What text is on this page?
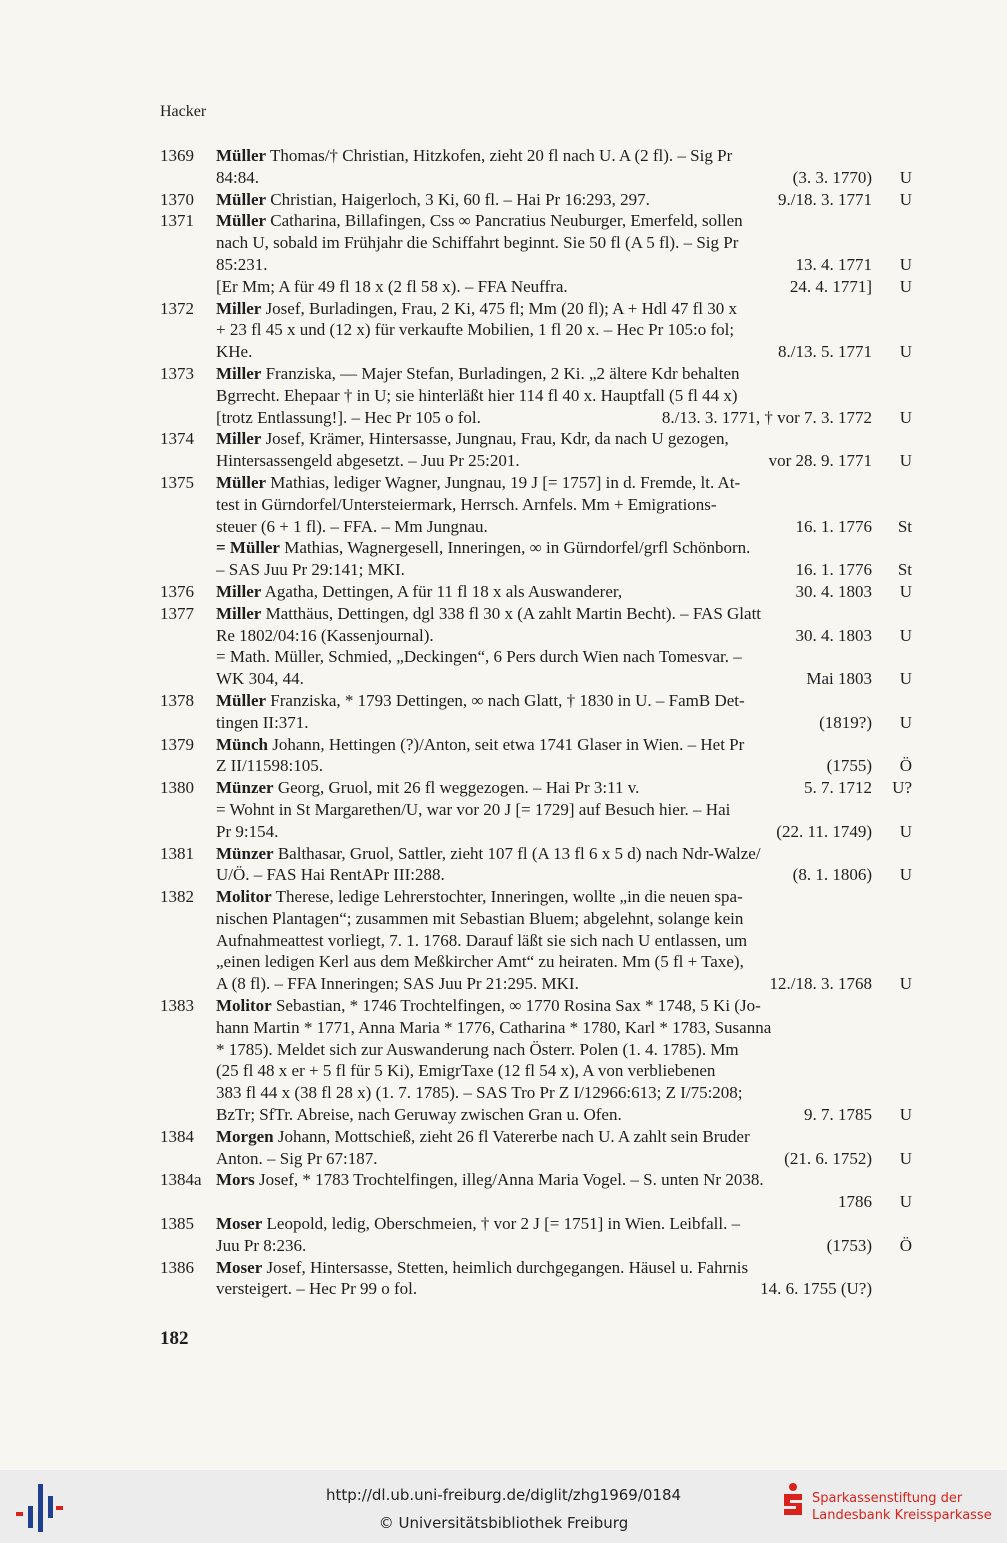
Hacker
1369	Müller Thomas/† Christian, Hitzkofen, zieht 20 fl nach U. A (2 fl). – Sig Pr
84:84.	(3. 3. 1770)	U
1370	Müller Christian, Haigerloch, 3 Ki, 60 fl. – Hai Pr 16:293, 297.	9./18. 3. 1771	U
1371	Müller Catharina, Billafingen, Css ∞ Pancratius Neuburger, Emerfeld, sollen
nach U, sobald im Frühjahr die Schiffahrt beginnt. Sie 50 fl (A 5 fl). – Sig Pr
85:231.	13. 4. 1771	U
[Er Mm; A für 49 fl 18 x (2 fl 58 x). – FFA Neuffra.	24. 4. 1771]	U
1372	Miller Josef, Burladingen, Frau, 2 Ki, 475 fl; Mm (20 fl); A + Hdl 47 fl 30 x
+ 23 fl 45 x und (12 x) für verkaufte Mobilien, 1 fl 20 x. – Hec Pr 105:o fol;
KHe.	8./13. 5. 1771	U
1373	Miller Franziska, –– Majer Stefan, Burladingen, 2 Ki. „2 ältere Kdr behalten
Bgrrecht. Ehepaar † in U; sie hinterläßt hier 114 fl 40 x. Hauptfall (5 fl 44 x)
[trotz Entlassung!]. – Hec Pr 105 o fol.	8./13. 3. 1771, † vor 7. 3. 1772	U
1374	Miller Josef, Krämer, Hintersasse, Jungnau, Frau, Kdr, da nach U gezogen,
Hintersassengeld abgesetzt. – Juu Pr 25:201.	vor 28. 9. 1771	U
1375	Müller Mathias, lediger Wagner, Jungnau, 19 J [= 1757] in d. Fremde, lt. At-
test in Gürndorfel/Untersteiermark, Herrsch. Arnfels. Mm + Emigrations-
steuer (6 + 1 fl). – FFA. – Mm Jungnau.	16. 1. 1776	St
= Müller Mathias, Wagnergesell, Inneringen, ∞ in Gürndorfel/grfl Schönborn.
– SAS Juu Pr 29:141; MKI.	16. 1. 1776	St
1376	Miller Agatha, Dettingen, A für 11 fl 18 x als Auswanderer,	30. 4. 1803	U
1377	Miller Matthäus, Dettingen, dgl 338 fl 30 x (A zahlt Martin Becht). – FAS Glatt
Re 1802/04:16 (Kassenjournal).	30. 4. 1803	U
= Math. Müller, Schmied, „Deckingen“, 6 Pers durch Wien nach Tomesvar. –
WK 304, 44.	Mai 1803	U
1378	Müller Franziska, * 1793 Dettingen, ∞ nach Glatt, † 1830 in U. – FamB Det-
tingen II:371.	(1819?)	U
1379	Münch Johann, Hettingen (?)/Anton, seit etwa 1741 Glaser in Wien. – Het Pr
Z II/11598:105.	(1755)	Ö
1380	Münzer Georg, Gruol, mit 26 fl weggezogen. – Hai Pr 3:11 v.	5. 7. 1712	U?
= Wohnt in St Margarethen/U, war vor 20 J [= 1729] auf Besuch hier. – Hai
Pr 9:154.	(22. 11. 1749)	U
1381	Münzer Balthasar, Gruol, Sattler, zieht 107 fl (A 13 fl 6 x 5 d) nach Ndr-Walze/
U/Ö. – FAS Hai RentAPr III:288.	(8. 1. 1806)	U
1382	Molitor Therese, ledige Lehrerstochter, Inneringen, wollte „in die neuen spa-
nischen Plantagen“; zusammen mit Sebastian Bluem; abgelehnt, solange kein
Aufnahmeattest vorliegt, 7. 1. 1768. Darauf läßt sie sich nach U entlassen, um
„einen ledigen Kerl aus dem Meßkircher Amt“ zu heiraten. Mm (5 fl + Taxe),
A (8 fl). – FFA Inneringen; SAS Juu Pr 21:295. MKI.	12./18. 3. 1768	U
1383	Molitor Sebastian, * 1746 Trochtelfingen, ∞ 1770 Rosina Sax * 1748, 5 Ki (Jo-
hann Martin * 1771, Anna Maria * 1776, Catharina * 1780, Karl * 1783, Susanna
* 1785). Meldet sich zur Auswanderung nach Österr. Polen (1. 4. 1785). Mm
(25 fl 48 x er + 5 fl für 5 Ki), EmigrTaxe (12 fl 54 x), A von verbliebenen
383 fl 44 x (38 fl 28 x) (1. 7. 1785). – SAS Tro Pr Z I/12966:613; Z I/75:208;
BzTr; SfTr. Abreise, nach Geruway zwischen Gran u. Ofen.	9. 7. 1785	U
1384	Morgen Johann, Mottschieß, zieht 26 fl Vatererbe nach U. A zahlt sein Bruder
Anton. – Sig Pr 67:187.	(21. 6. 1752)	U
1384a Mors Josef, * 1783 Trochtelfingen, illeg/Anna Maria Vogel. – S. unten Nr 2038.
1786	U
1385	Moser Leopold, ledig, Oberschmeien, † vor 2 J [= 1751] in Wien. Leibfall. –
Juu Pr 8:236.	(1753)	Ö
1386	Moser Josef, Hintersasse, Stetten, heimlich durchgegangen. Häusel u. Fahrnis
versteigert. – Hec Pr 99 o fol.	14. 6. 1755 (U?)
182
http://dl.ub.uni-freiburg.de/diglit/zhg1969/0184
© Universitätsbibliothek Freiburg
Sparkassenstiftung der
Landesbank Kreissparkasse
